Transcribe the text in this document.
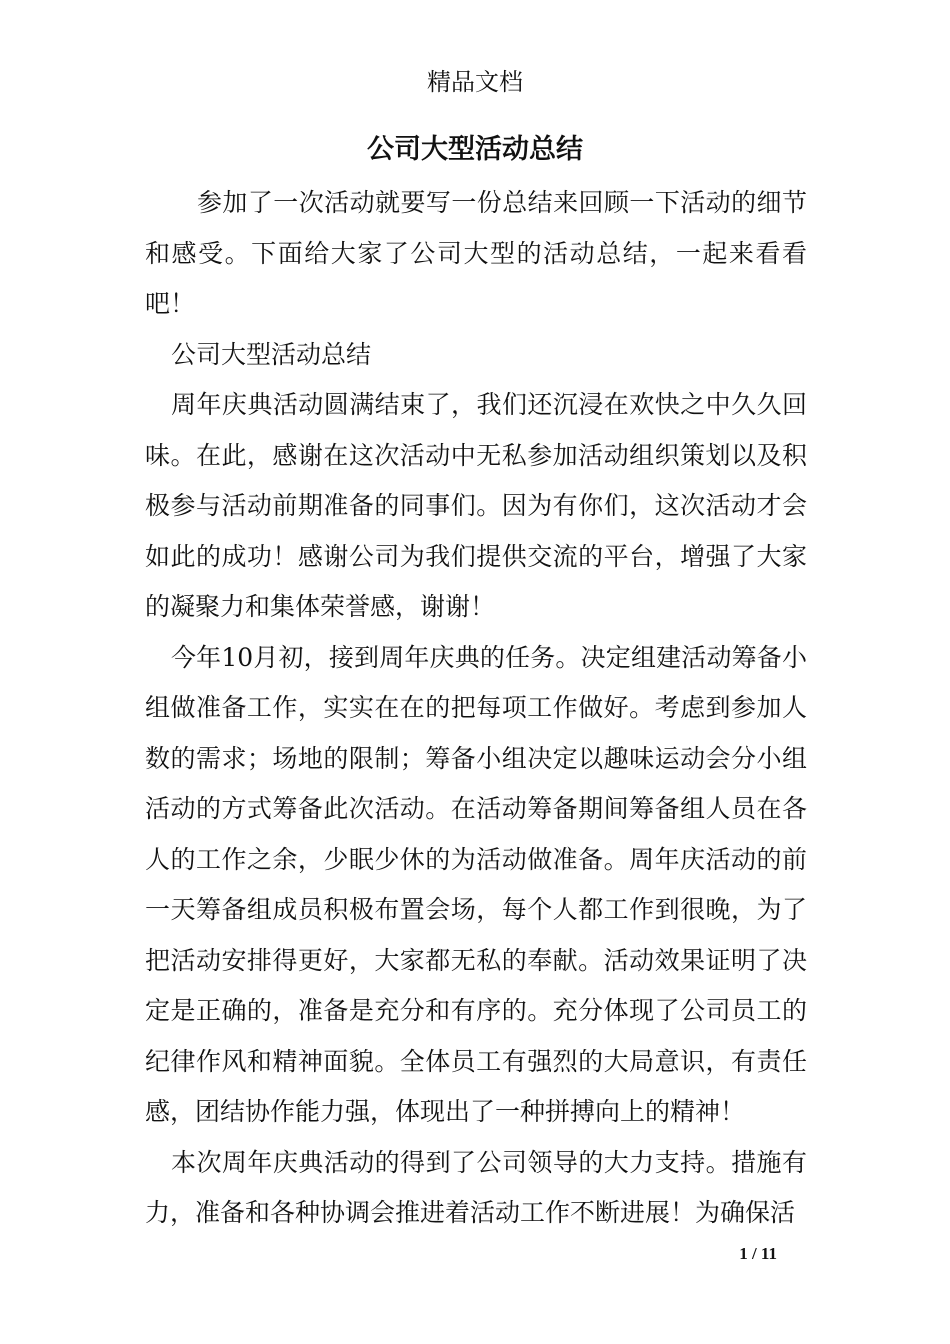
精品文档
公司大型活动总结

参加了一次活动就要写一份总结来回顾一下活动的细节和感受。下面给大家了公司大型的活动总结，一起来看看吧！

公司大型活动总结

周年庆典活动圆满结束了，我们还沉浸在欢快之中久久回味。在此，感谢在这次活动中无私参加活动组织策划以及积极参与活动前期准备的同事们。因为有你们，这次活动才会如此的成功！感谢公司为我们提供交流的平台，增强了大家的凝聚力和集体荣誉感，谢谢！

今年10月初，接到周年庆典的任务。决定组建活动筹备小组做准备工作，实实在在的把每项工作做好。考虑到参加人数的需求；场地的限制；筹备小组决定以趣味运动会分小组活动的方式筹备此次活动。在活动筹备期间筹备组人员在各人的工作之余，少眠少休的为活动做准备。周年庆活动的前一天筹备组成员积极布置会场，每个人都工作到很晚，为了把活动安排得更好，大家都无私的奉献。活动效果证明了决定是正确的，准备是充分和有序的。充分体现了公司员工的纪律作风和精神面貌。全体员工有强烈的大局意识，有责任感，团结协作能力强，体现出了一种拼搏向上的精神！

本次周年庆典活动的得到了公司领导的大力支持。措施有力，准备和各种协调会推进着活动工作不断进展！为确保活

1 / 11
